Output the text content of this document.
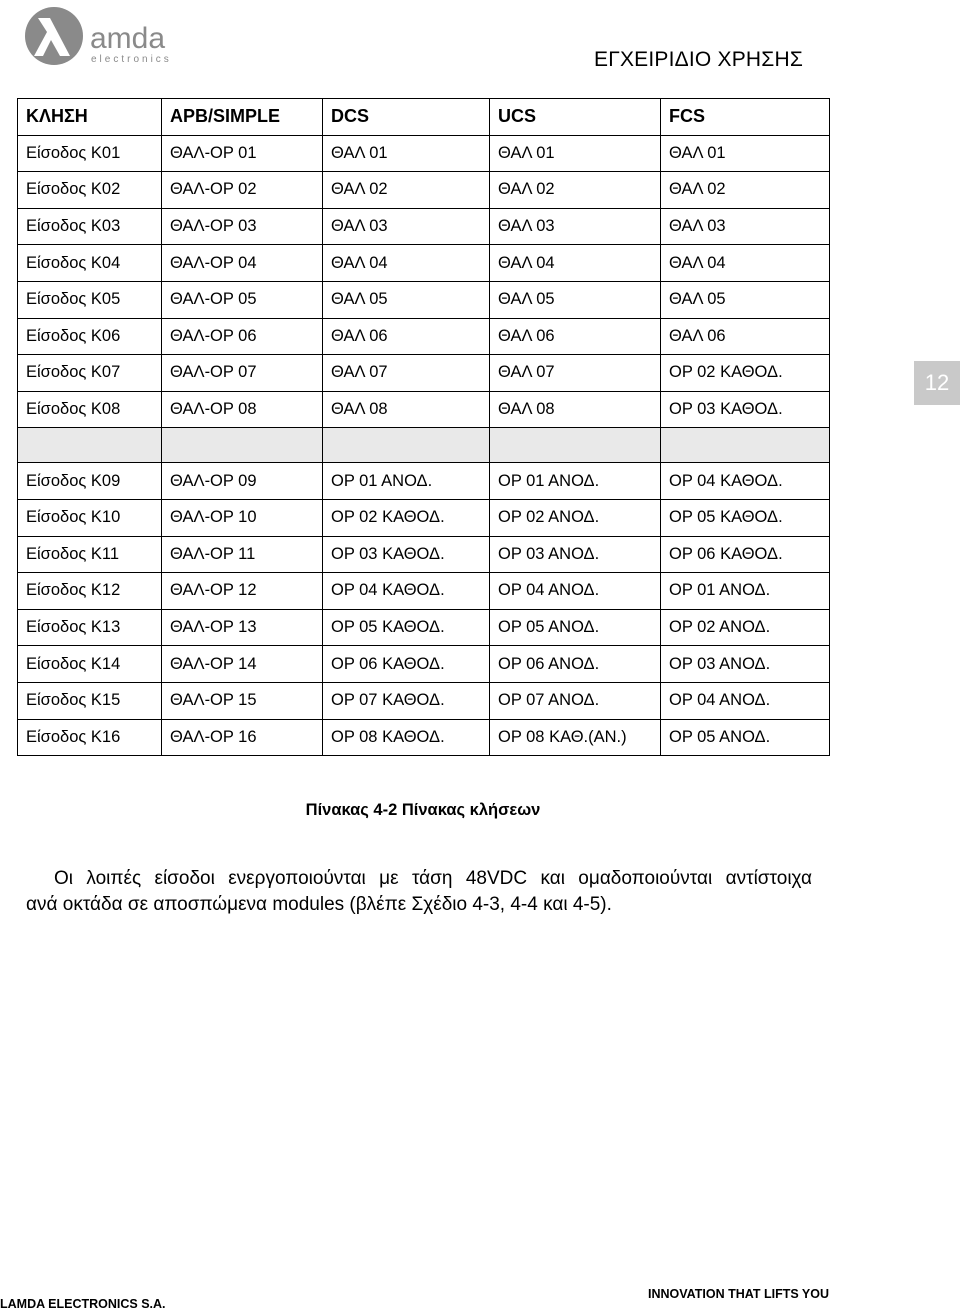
amda
electronics	ΕΓΧΕΙΡΙΔΙΟ ΧΡΗΣΗΣ
ΚΛΗΣΗ	APB/SIMPLE	DCS	UCS	FCS
Είσοδος Κ01	ΘΑΛ-ΟΡ 01	ΘΑΛ 01	ΘΑΛ 01	ΘΑΛ 01
Είσοδος Κ02	ΘΑΛ-ΟΡ 02	ΘΑΛ 02	ΘΑΛ 02	ΘΑΛ 02
Είσοδος Κ03	ΘΑΛ-ΟΡ 03	ΘΑΛ 03	ΘΑΛ 03	ΘΑΛ 03
Είσοδος Κ04	ΘΑΛ-ΟΡ 04	ΘΑΛ 04	ΘΑΛ 04	ΘΑΛ 04
Είσοδος Κ05	ΘΑΛ-ΟΡ 05	ΘΑΛ 05	ΘΑΛ 05	ΘΑΛ 05
Είσοδος Κ06	ΘΑΛ-ΟΡ 06	ΘΑΛ 06	ΘΑΛ 06	ΘΑΛ 06
Είσοδος Κ07	ΘΑΛ-ΟΡ 07	ΘΑΛ 07	ΘΑΛ 07	ΟΡ 02 ΚΑΘΟΔ.
Είσοδος Κ08	ΘΑΛ-ΟΡ 08	ΘΑΛ 08	ΘΑΛ 08	ΟΡ 03 ΚΑΘΟΔ.

Είσοδος Κ09	ΘΑΛ-ΟΡ 09	ΟΡ 01 ΑΝΟΔ.	ΟΡ 01 ΑΝΟΔ.	ΟΡ 04 ΚΑΘΟΔ.
Είσοδος Κ10	ΘΑΛ-ΟΡ 10	ΟΡ 02 ΚΑΘΟΔ.	ΟΡ 02 ΑΝΟΔ.	ΟΡ 05 ΚΑΘΟΔ.
Είσοδος Κ11	ΘΑΛ-ΟΡ 11	ΟΡ 03 ΚΑΘΟΔ.	ΟΡ 03 ΑΝΟΔ.	ΟΡ 06 ΚΑΘΟΔ.
Είσοδος Κ12	ΘΑΛ-ΟΡ 12	ΟΡ 04 ΚΑΘΟΔ.	ΟΡ 04 ΑΝΟΔ.	ΟΡ 01 ΑΝΟΔ.
Είσοδος Κ13	ΘΑΛ-ΟΡ 13	ΟΡ 05 ΚΑΘΟΔ.	ΟΡ 05 ΑΝΟΔ.	ΟΡ 02 ΑΝΟΔ.
Είσοδος Κ14	ΘΑΛ-ΟΡ 14	ΟΡ 06 ΚΑΘΟΔ.	ΟΡ 06 ΑΝΟΔ.	ΟΡ 03 ΑΝΟΔ.
Είσοδος Κ15	ΘΑΛ-ΟΡ 15	ΟΡ 07 ΚΑΘΟΔ.	ΟΡ 07 ΑΝΟΔ.	ΟΡ 04 ΑΝΟΔ.
Είσοδος Κ16	ΘΑΛ-ΟΡ 16	ΟΡ 08 ΚΑΘΟΔ.	ΟΡ 08 ΚΑΘ.(ΑΝ.)	ΟΡ 05 ΑΝΟΔ.
12
Πίνακας 4-2 Πίνακας κλήσεων

Οι λοιπές είσοδοι ενεργοποιούνται με τάση 48VDC και ομαδοποιούνται αντίστοιχα
ανά οκτάδα σε αποσπώμενα modules (βλέπε Σχέδιο 4-3, 4-4 και 4-5).

INNOVATION THAT LIFTS YOU
LAMDA ELECTRONICS S.A.
